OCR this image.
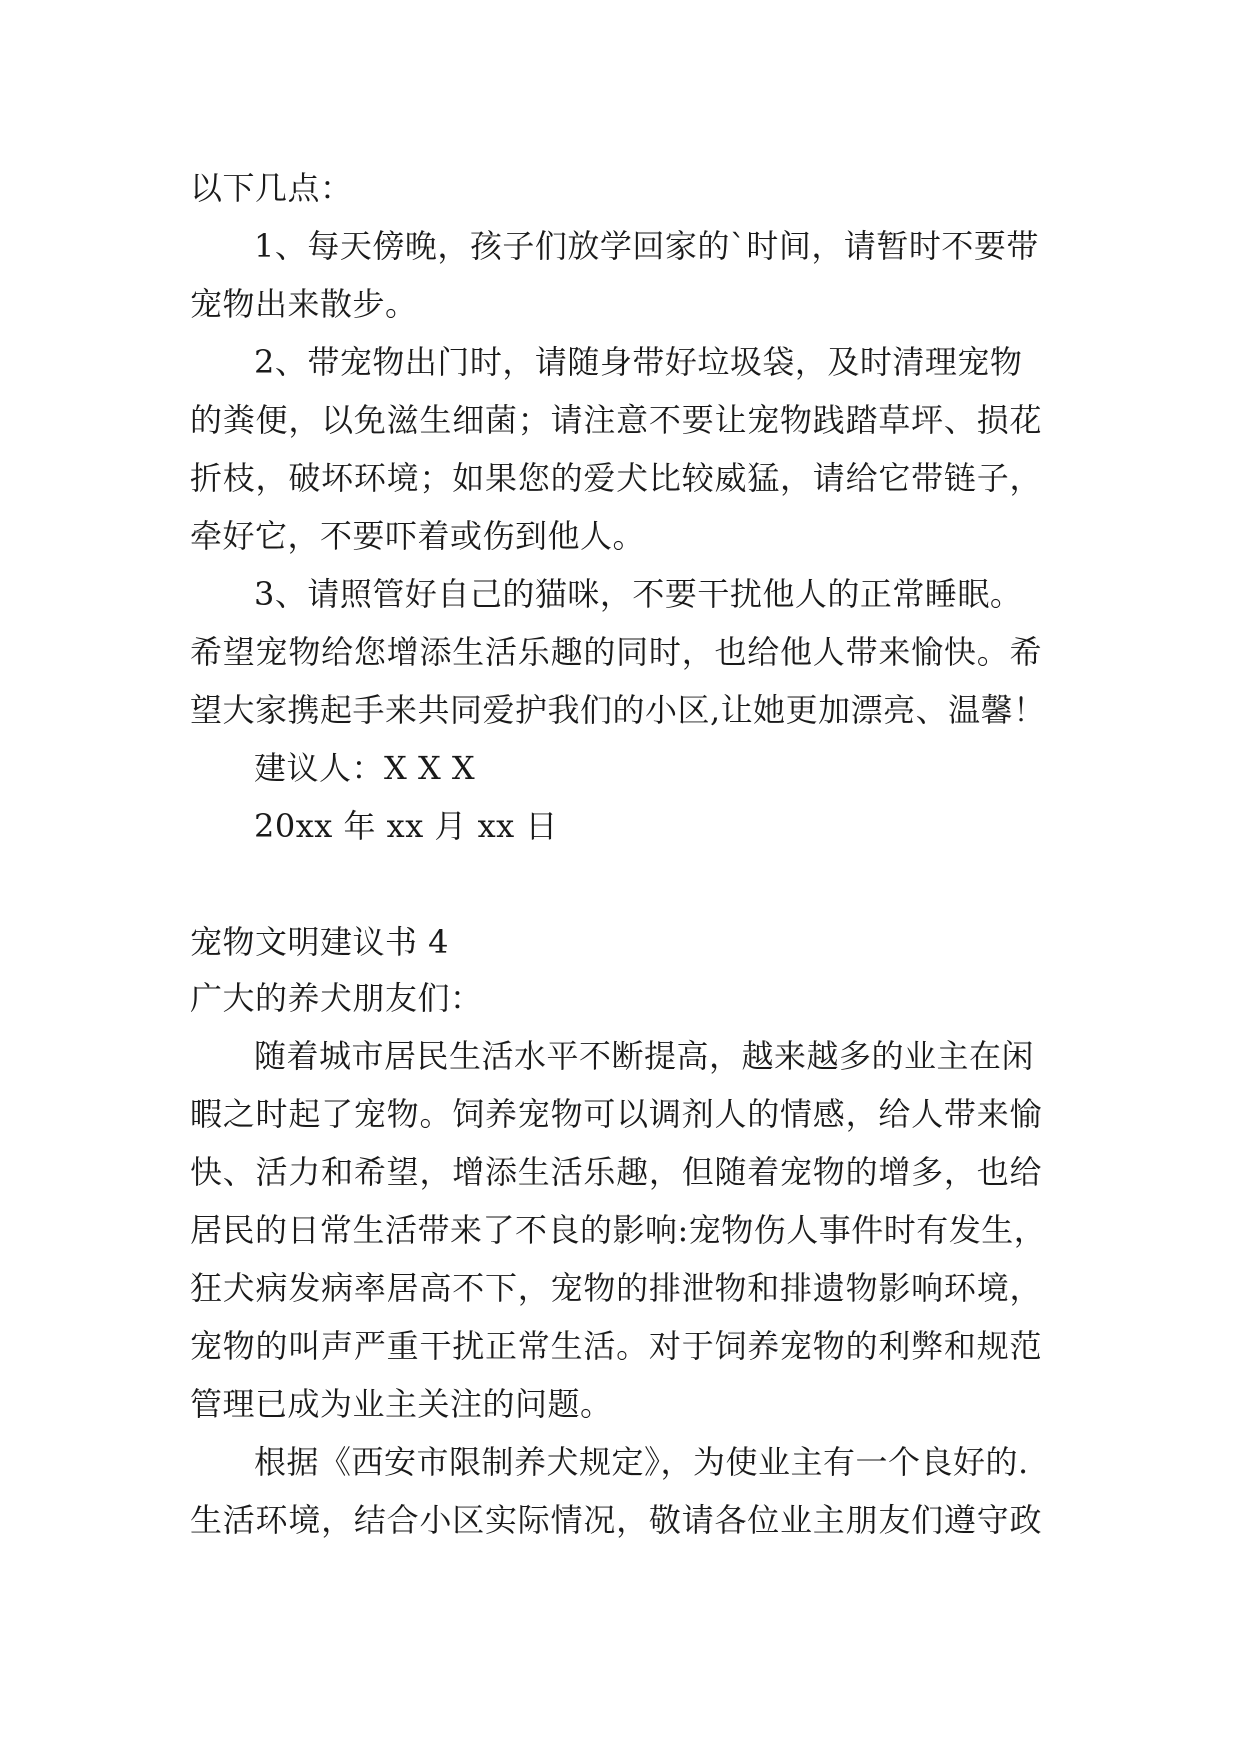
以下几点：
1、每天傍晚，孩子们放学回家的`时间，请暂时不要带
宠物出来散步。
2、带宠物出门时，请随身带好垃圾袋，及时清理宠物
的粪便，以免滋生细菌；请注意不要让宠物践踏草坪、损花
折枝，破坏环境；如果您的爱犬比较威猛，请给它带链子，
牵好它，不要吓着或伤到他人。
3、请照管好自己的猫咪，不要干扰他人的正常睡眠。
希望宠物给您增添生活乐趣的同时，也给他人带来愉快。希
望大家携起手来共同爱护我们的小区,让她更加漂亮、温馨！
建议人：X X X
20xx 年 xx 月 xx 日
宠物文明建议书 4
广大的养犬朋友们：
随着城市居民生活水平不断提高，越来越多的业主在闲
暇之时起了宠物。饲养宠物可以调剂人的情感，给人带来愉
快、活力和希望，增添生活乐趣，但随着宠物的增多，也给
居民的日常生活带来了不良的影响:宠物伤人事件时有发生，
狂犬病发病率居高不下，宠物的排泄物和排遗物影响环境，
宠物的叫声严重干扰正常生活。对于饲养宠物的利弊和规范
管理已成为业主关注的问题。
根据《西安市限制养犬规定》，为使业主有一个良好的.
生活环境，结合小区实际情况，敬请各位业主朋友们遵守政
